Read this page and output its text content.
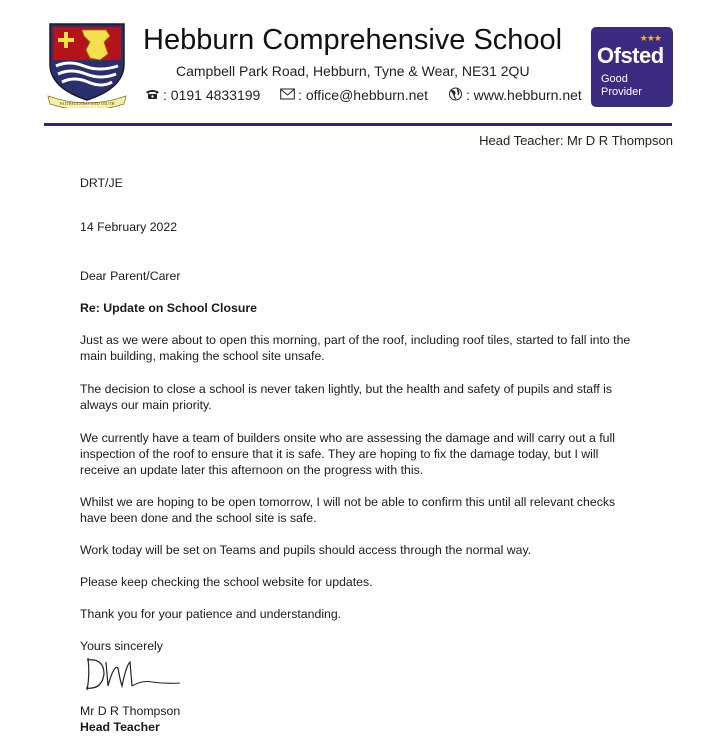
FAITHFULNESS AND TRUTH
Hebburn Comprehensive School
Campbell Park Road, Hebburn, Tyne & Wear, NE31 2QU
: 0191 4833199	: office@hebburn.net	: www.hebburn.net
★★★
Ofsted
Good
Provider
Head Teacher: Mr D R Thompson

DRT/JE

14 February 2022

Dear Parent/Carer

Re: Update on School Closure

Just as we were about to open this morning, part of the roof, including roof tiles, started to fall into the main building, making the school site unsafe.

The decision to close a school is never taken lightly, but the health and safety of pupils and staff is always our main priority.

We currently have a team of builders onsite who are assessing the damage and will carry out a full inspection of the roof to ensure that it is safe. They are hoping to fix the damage today, but I will receive an update later this afternoon on the progress with this.

Whilst we are hoping to be open tomorrow, I will not be able to confirm this until all relevant checks have been done and the school site is safe.

Work today will be set on Teams and pupils should access through the normal way.

Please keep checking the school website for updates.

Thank you for your patience and understanding.

Yours sincerely

Mr D R Thompson

Head Teacher
